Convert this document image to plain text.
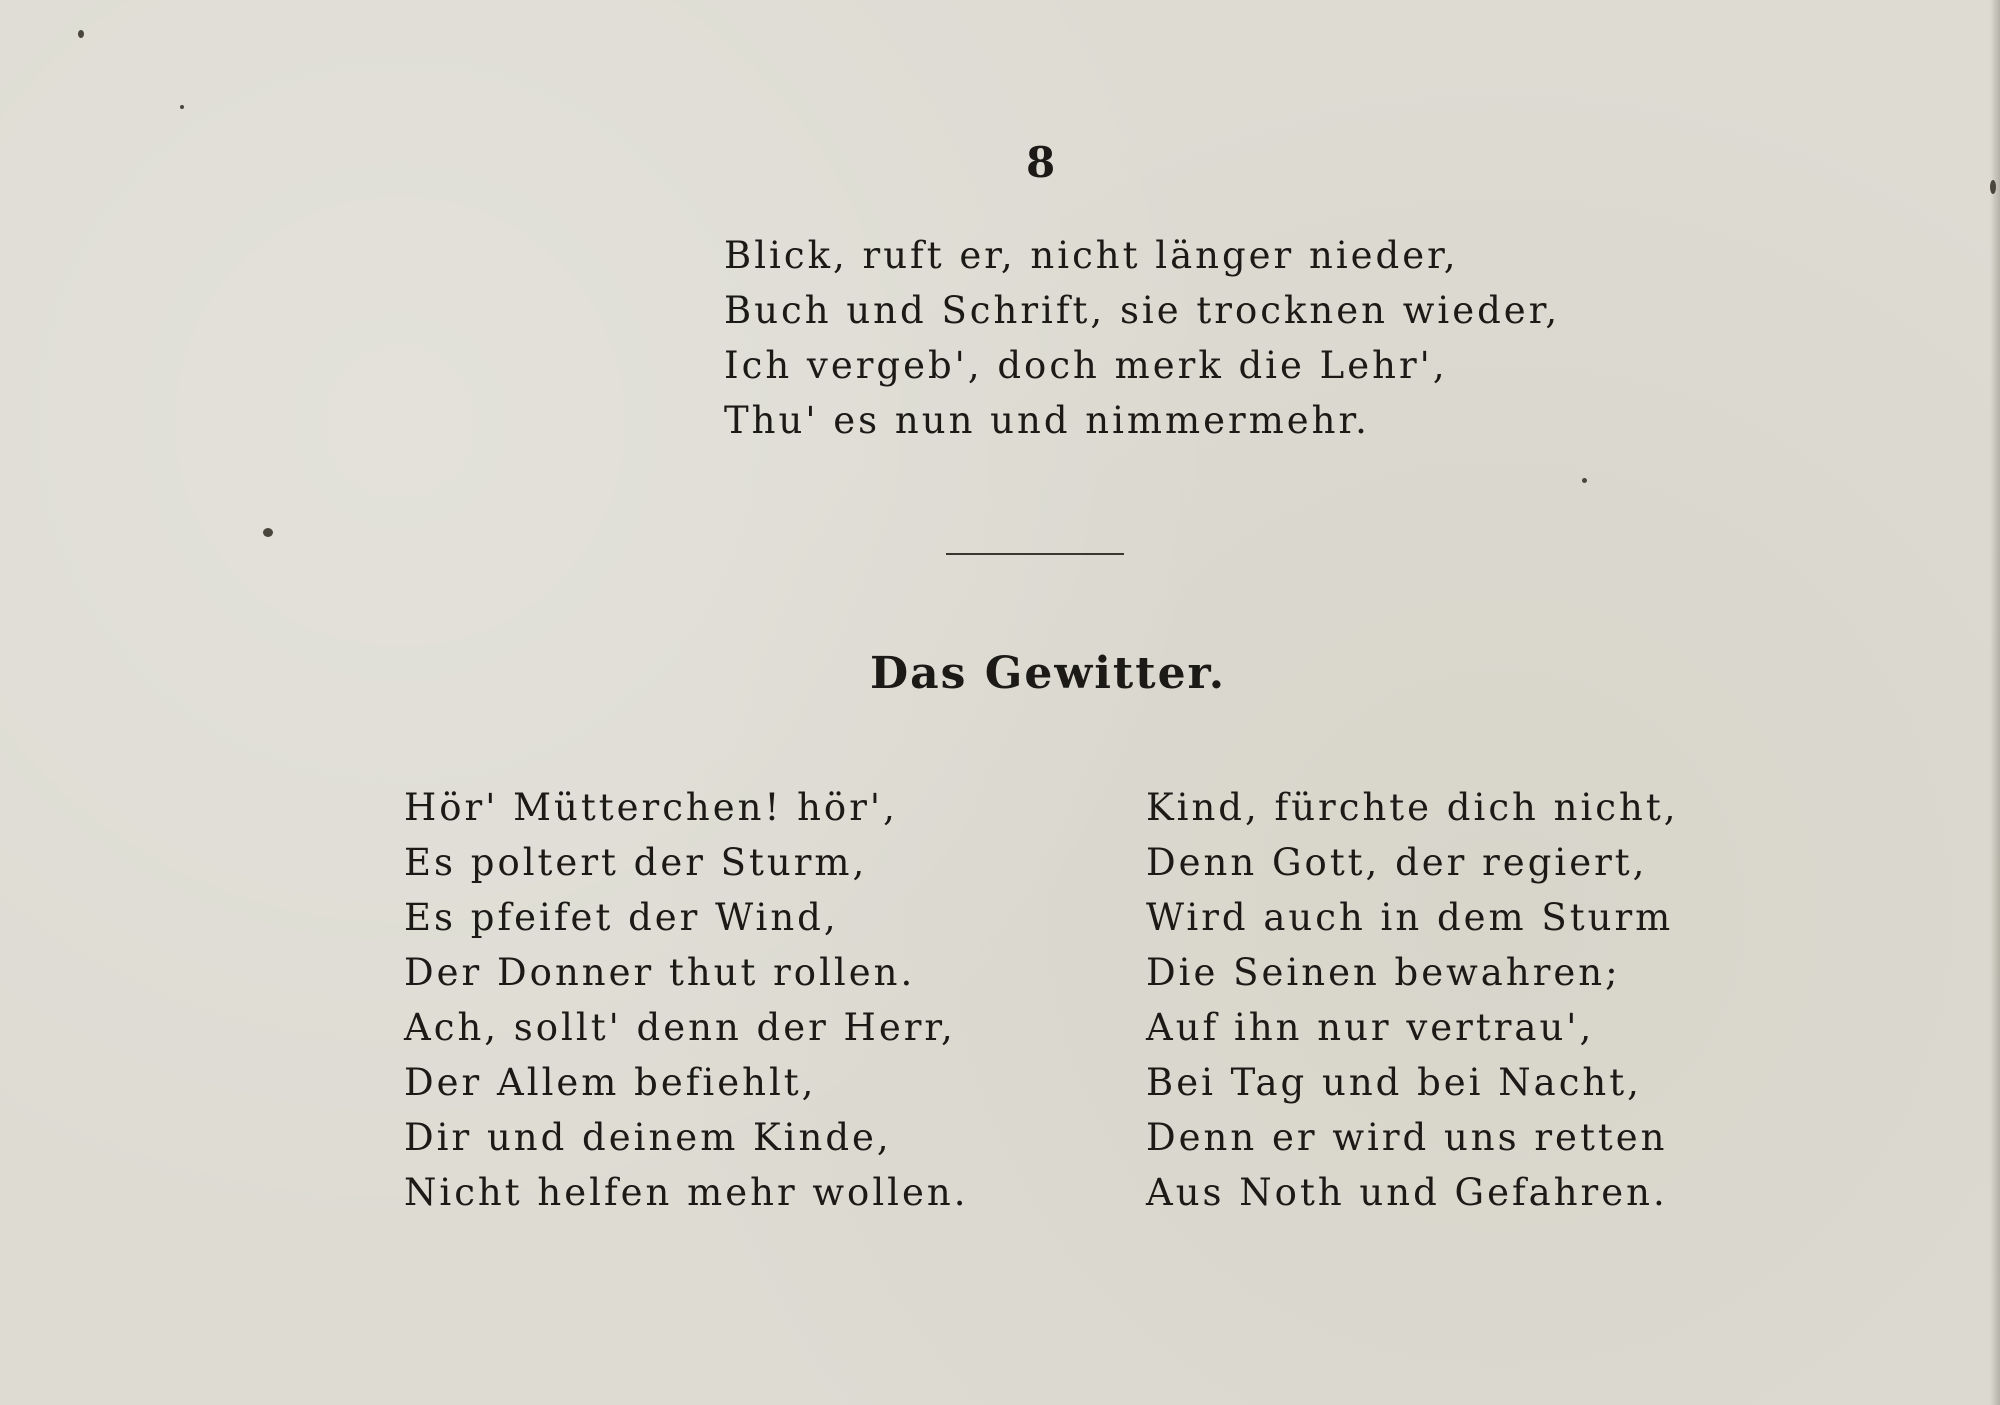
8
Blick, ruft er, nicht länger nieder,
Buch und Schrift, sie trocknen wieder,
Ich vergeb', doch merk die Lehr',
Thu' es nun und nimmermehr.
Das Gewitter.
Hör' Mütterchen! hör',
Es poltert der Sturm,
Es pfeifet der Wind,
Der Donner thut rollen.
Ach, sollt' denn der Herr,
Der Allem befiehlt,
Dir und deinem Kinde,
Nicht helfen mehr wollen.
Kind, fürchte dich nicht,
Denn Gott, der regiert,
Wird auch in dem Sturm
Die Seinen bewahren;
Auf ihn nur vertrau',
Bei Tag und bei Nacht,
Denn er wird uns retten
Aus Noth und Gefahren.
